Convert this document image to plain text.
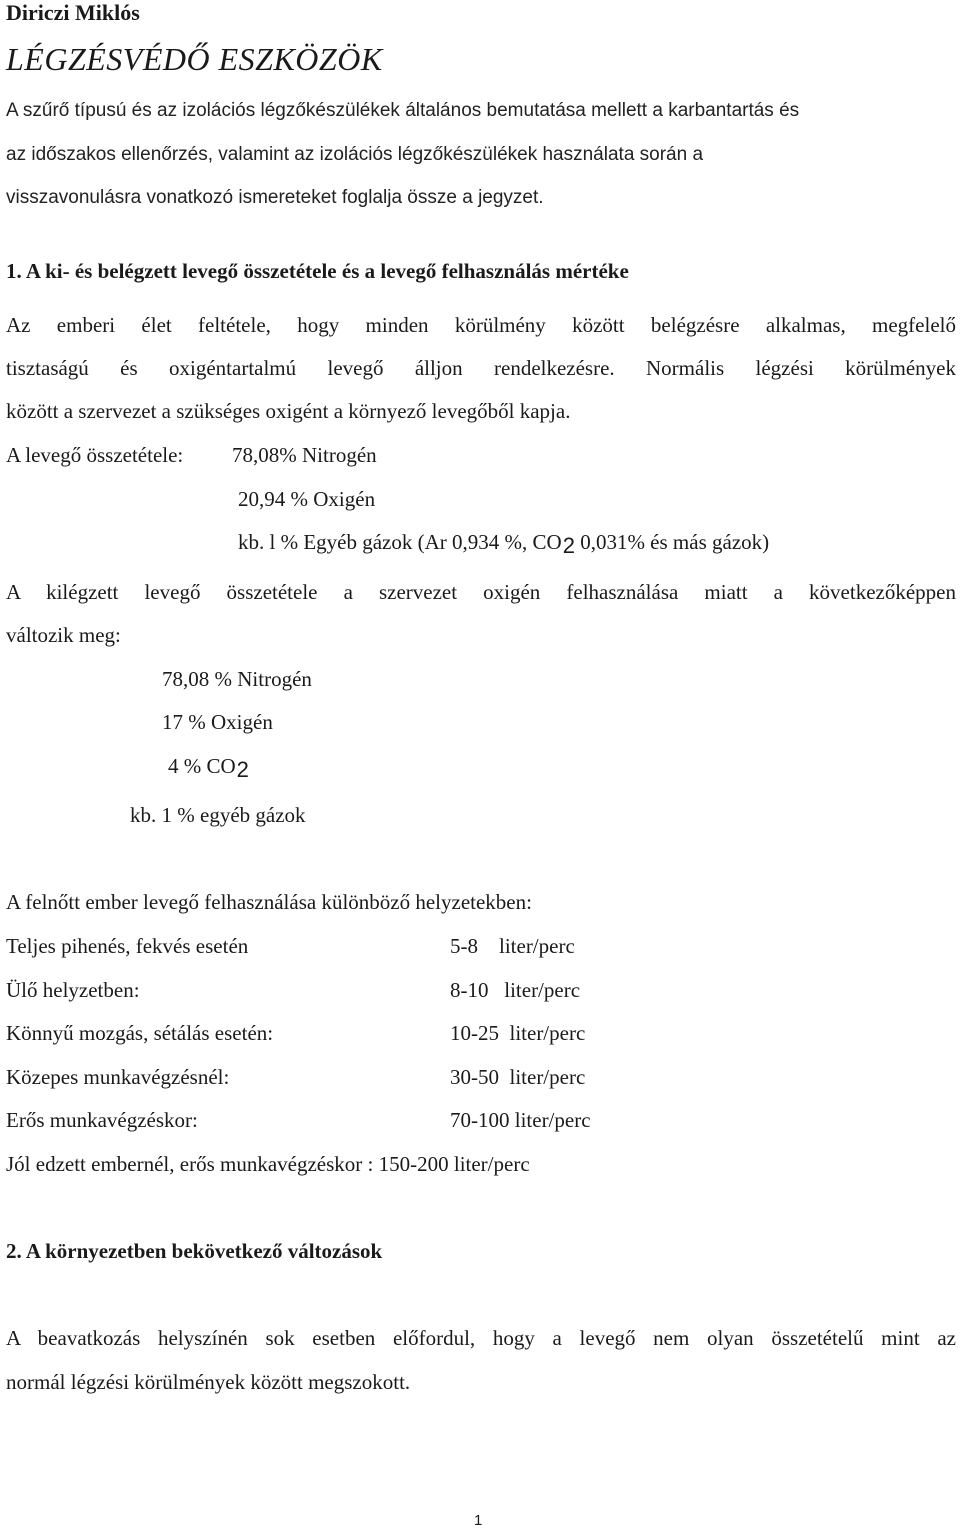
Diriczi Miklós
LÉGZÉSVÉDŐ ESZKÖZÖK
A szűrő típusú és az izolációs légzőkészülékek általános bemutatása mellett a karbantartás és
az időszakos ellenőrzés, valamint az izolációs légzőkészülékek használata során a
visszavonulásra vonatkozó ismereteket foglalja össze a jegyzet.
1. A ki- és belégzett levegő összetétele és a levegő felhasználás mértéke
Az emberi élet feltétele, hogy minden körülmény között belégzésre alkalmas, megfelelő
tisztaságú és oxigéntartalmú levegő álljon rendelkezésre. Normális légzési körülmények
között a szervezet a szükséges oxigént a környező levegőből kapja.
A levegő összetétele: 78,08% Nitrogén
20,94 % Oxigén
kb. l % Egyéb gázok (Ar 0,934 %, CO2 0,031% és más gázok)
A kilégzett levegő összetétele a szervezet oxigén felhasználása miatt a következőképpen
változik meg:
78,08 % Nitrogén
17 % Oxigén
4 % CO2
kb. 1 % egyéb gázok
A felnőtt ember levegő felhasználása különböző helyzetekben:
Teljes pihenés, fekvés esetén	5-8    liter/perc
Ülő helyzetben:	8-10   liter/perc
Könnyű mozgás, sétálás esetén:	10-25  liter/perc
Közepes munkavégzésnél:	30-50  liter/perc
Erős munkavégzéskor:	70-100 liter/perc
Jól edzett embernél, erős munkavégzéskor : 150-200 liter/perc
2. A környezetben bekövetkező változások
A beavatkozás helyszínén sok esetben előfordul, hogy a levegő nem olyan összetételű mint az
normál légzési körülmények között megszokott.
1
